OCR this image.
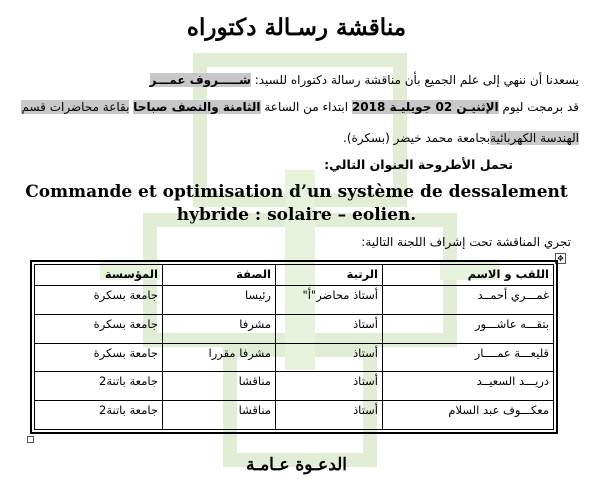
مناقشة رسـالة دكتوراه
يسعدنا أن ننهي إلى علم الجميع بأن مناقشة رسالة دكتوراه للسيد: شـــــروف عمـــر
قد برمجت ليوم الإثنيـن 02 جويليـة 2018 ابتداء من الساعة الثامنة والنصف صباحا بقاعة محاضرات قسم
الهندسة الكهربائيةبجامعة محمد خيضر (بسكرة).
تحمل الأطروحة العنوان التالي:
Commande et optimisation d’un système de dessalement hybride : solaire – eolien.
تجري المناقشة تحت إشراف اللجنة التالية:
✥
اللقب و الاسم	الرتبة	الصفة	المؤسسة
غمـــري أحمــد	أستاذ محاضر"أ"	رئيسا	جامعة بسكرة
بتقـــه عاشـــور	أستاذ	مشرفا	جامعة بسكرة
قليعـــة عمــــار	أستاذ	مشرفا مقررا	جامعة بسكرة
دريـــد السعيــد	أستاذ	مناقشا	جامعة باتنة2
معكـــوف عبد السلام	أستاذ	مناقشا	جامعة باتنة2
الدعـوة عـامـة
